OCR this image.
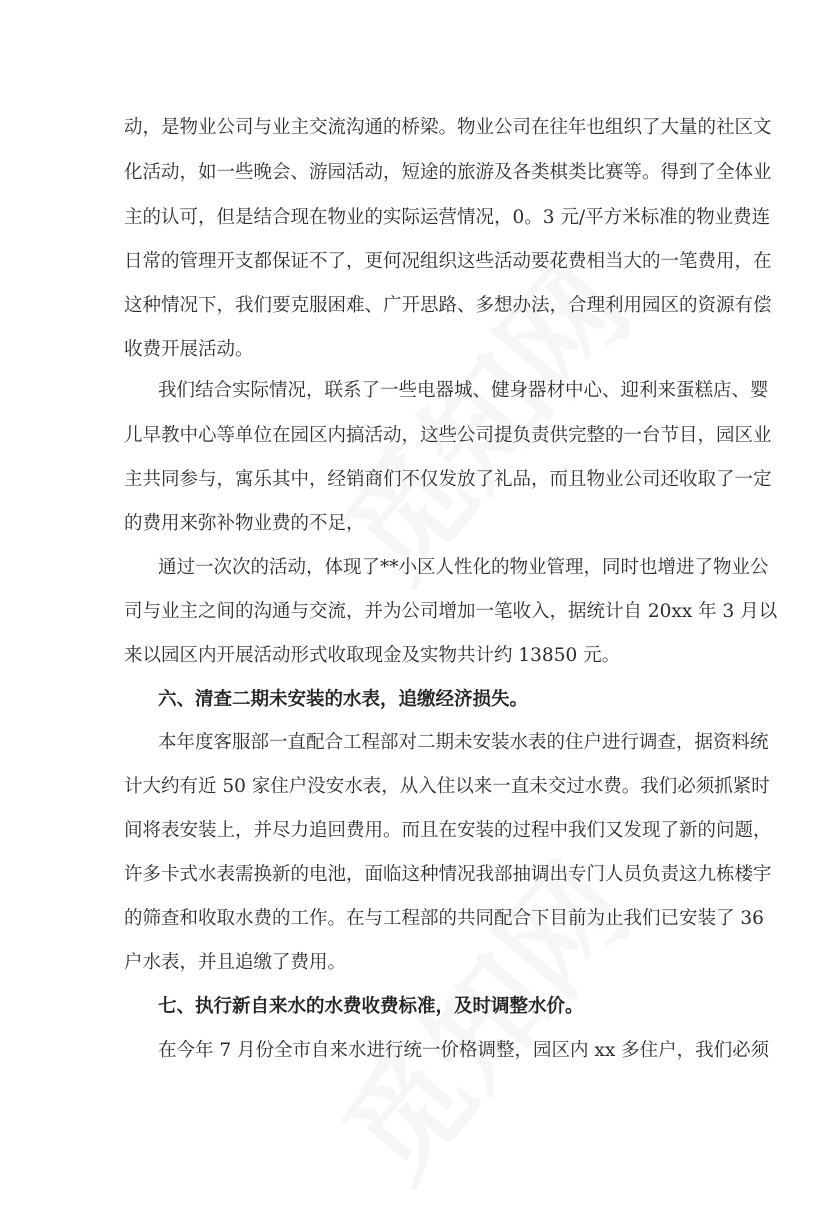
动，是物业公司与业主交流沟通的桥梁。物业公司在往年也组织了大量的社区文
化活动，如一些晚会、游园活动，短途的旅游及各类棋类比赛等。得到了全体业
主的认可，但是结合现在物业的实际运营情况，0。3 元/平方米标准的物业费连
日常的管理开支都保证不了，更何况组织这些活动要花费相当大的一笔费用，在
这种情况下，我们要克服困难、广开思路、多想办法，合理利用园区的资源有偿
收费开展活动。
我们结合实际情况，联系了一些电器城、健身器材中心、迎利来蛋糕店、婴
儿早教中心等单位在园区内搞活动，这些公司提负责供完整的一台节目，园区业
主共同参与，寓乐其中，经销商们不仅发放了礼品，而且物业公司还收取了一定
的费用来弥补物业费的不足，
通过一次次的活动，体现了**小区人性化的物业管理，同时也增进了物业公
司与业主之间的沟通与交流，并为公司增加一笔收入，据统计自 20xx 年 3 月以
来以园区内开展活动形式收取现金及实物共计约 13850 元。
六、清查二期未安装的水表，追缴经济损失。
本年度客服部一直配合工程部对二期未安装水表的住户进行调查，据资料统
计大约有近 50 家住户没安水表，从入住以来一直未交过水费。我们必须抓紧时
间将表安装上，并尽力追回费用。而且在安装的过程中我们又发现了新的问题，
许多卡式水表需换新的电池，面临这种情况我部抽调出专门人员负责这九栋楼宇
的筛查和收取水费的工作。在与工程部的共同配合下目前为止我们已安装了 36
户水表，并且追缴了费用。
七、执行新自来水的水费收费标准，及时调整水价。
在今年 7 月份全市自来水进行统一价格调整，园区内 xx 多住户，我们必须
